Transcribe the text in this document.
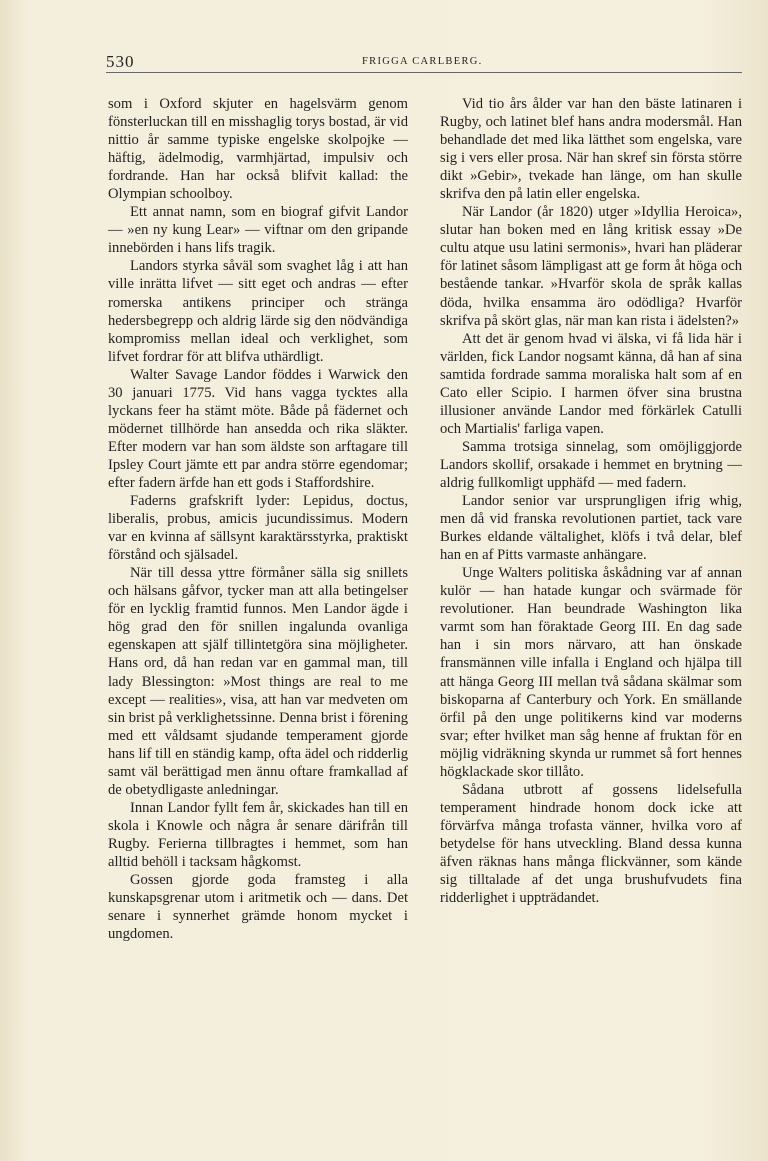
530	FRIGGA CARLBERG.

som i Oxford skjuter en hagelsvärm genom fönsterluckan till en misshaglig torys bostad, är vid nittio år samme typiske engelske skolpojke — häftig, ädelmodig, varmhjärtad, impulsiv och fordrande. Han har också blifvit kallad: the Olympian schoolboy.

Ett annat namn, som en biograf gifvit Landor — »en ny kung Lear» — viftnar om den gripande innebörden i hans lifs tragik.

Landors styrka såväl som svaghet låg i att han ville inrätta lifvet — sitt eget och andras — efter romerska antikens principer och stränga hedersbegrepp och aldrig lärde sig den nödvändiga kompromiss mellan ideal och verklighet, som lifvet fordrar för att blifva uthärdligt.

Walter Savage Landor föddes i Warwick den 30 januari 1775. Vid hans vagga tycktes alla lyckans feer ha stämt möte. Både på fädernet och mödernet tillhörde han ansedda och rika släkter. Efter modern var han som äldste son arftagare till Ipsley Court jämte ett par andra större egendomar; efter fadern ärfde han ett gods i Staffordshire.

Faderns grafskrift lyder: Lepidus, doctus, liberalis, probus, amicis jucundissimus. Modern var en kvinna af sällsynt karaktärsstyrka, praktiskt förstånd och själsadel.

När till dessa yttre förmåner sälla sig snillets och hälsans gåfvor, tycker man att alla betingelser för en lycklig framtid funnos. Men Landor ägde i hög grad den för snillen ingalunda ovanliga egenskapen att själf tillintetgöra sina möjligheter. Hans ord, då han redan var en gammal man, till lady Blessington: »Most things are real to me except — realities», visa, att han var medveten om sin brist på verklighetssinne. Denna brist i förening med ett våldsamt sjudande temperament gjorde hans lif till en ständig kamp, ofta ädel och ridderlig samt väl berättigad men ännu oftare framkallad af de obetydligaste anledningar.

Innan Landor fyllt fem år, skickades han till en skola i Knowle och några år senare därifrån till Rugby. Ferierna tillbragtes i hemmet, som han alltid behöll i tacksam hågkomst.

Gossen gjorde goda framsteg i alla kunskapsgrenar utom i aritmetik och — dans. Det senare i synnerhet grämde honom mycket i ungdomen.

Vid tio års ålder var han den bäste latinaren i Rugby, och latinet blef hans andra modersmål. Han behandlade det med lika lätthet som engelska, vare sig i vers eller prosa. När han skref sin första större dikt »Gebir», tvekade han länge, om han skulle skrifva den på latin eller engelska.

När Landor (år 1820) utger »Idyllia Heroica», slutar han boken med en lång kritisk essay »De cultu atque usu latini sermonis», hvari han pläderar för latinet såsom lämpligast att ge form åt höga och bestående tankar. »Hvarför skola de språk kallas döda, hvilka ensamma äro odödliga? Hvarför skrifva på skört glas, när man kan rista i ädelsten?»

Att det är genom hvad vi älska, vi få lida här i världen, fick Landor nogsamt känna, då han af sina samtida fordrade samma moraliska halt som af en Cato eller Scipio. I harmen öfver sina brustna illusioner använde Landor med förkärlek Catulli och Martialis' farliga vapen.

Samma trotsiga sinnelag, som omöjliggjorde Landors skollif, orsakade i hemmet en brytning — aldrig fullkomligt upphäfd — med fadern.

Landor senior var ursprungligen ifrig whig, men då vid franska revolutionen partiet, tack vare Burkes eldande vältalighet, klöfs i två delar, blef han en af Pitts varmaste anhängare.

Unge Walters politiska åskådning var af annan kulör — han hatade kungar och svärmade för revolutioner. Han beundrade Washington lika varmt som han föraktade Georg III. En dag sade han i sin mors närvaro, att han önskade fransmännen ville infalla i England och hjälpa till att hänga Georg III mellan två sådana skälmar som biskoparna af Canterbury och York. En smällande örfil på den unge politikerns kind var moderns svar; efter hvilket man såg henne af fruktan för en möjlig vidräkning skynda ur rummet så fort hennes högklackade skor tillåto.

Sådana utbrott af gossens lidelsefulla temperament hindrade honom dock icke att förvärfva många trofasta vänner, hvilka voro af betydelse för hans utveckling. Bland dessa kunna äfven räknas hans många flickvänner, som kände sig tilltalade af det unga brushufvudets fina ridderlighet i uppträdandet.
